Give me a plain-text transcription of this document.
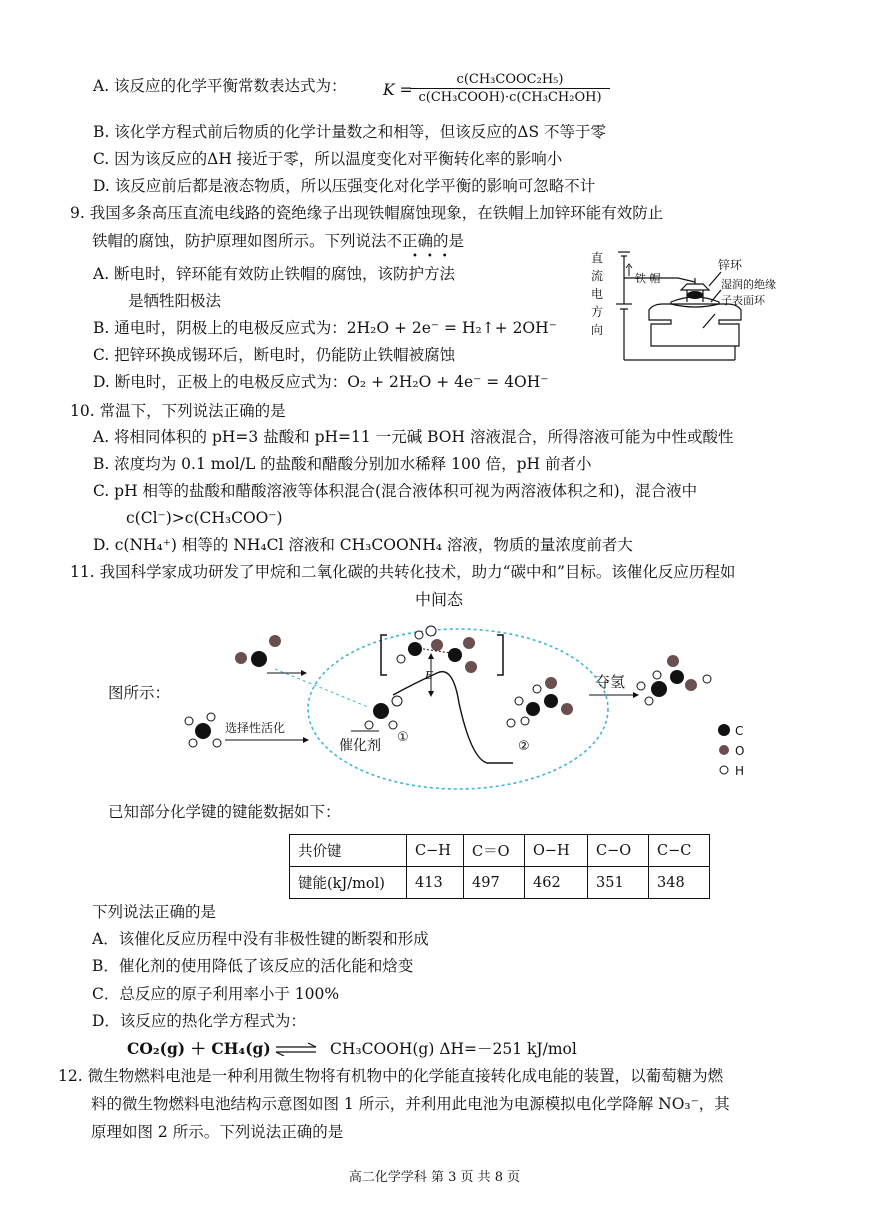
A. 该反应的化学平衡常数表达式为： K =
c(CH₃COOC₂H₅)
c(CH₃COOH)·c(CH₃CH₂OH)
B. 该化学方程式前后物质的化学计量数之和相等，但该反应的ΔS 不等于零
C. 因为该反应的ΔH 接近于零，所以温度变化对平衡转化率的影响小
D. 该反应前后都是液态物质，所以压强变化对化学平衡的影响可忽略不计
9. 我国多条高压直流电线路的瓷绝缘子出现铁帽腐蚀现象，在铁帽上加锌环能有效防止
铁帽的腐蚀，防护原理如图所示。下列说法不正确的是
•••
A. 断电时，锌环能有效防止铁帽的腐蚀，该防护方法
是牺牲阳极法
B. 通电时，阴极上的电极反应式为：2H₂O + 2e⁻ = H₂↑+ 2OH⁻
C. 把锌环换成锡环后，断电时，仍能防止铁帽被腐蚀
D. 断电时，正极上的电极反应式为：O₂ + 2H₂O + 4e⁻ = 4OH⁻
直
流
电
方
向
铁 帽
锌环
湿润的绝缘
子表面环
10. 常温下，下列说法正确的是
A. 将相同体积的 pH=3 盐酸和 pH=11 一元碱 BOH 溶液混合，所得溶液可能为中性或酸性
B. 浓度均为 0.1 mol/L 的盐酸和醋酸分别加水稀释 100 倍，pH 前者小
C. pH 相等的盐酸和醋酸溶液等体积混合(混合液体积可视为两溶液体积之和)，混合液中
c(Cl⁻)>c(CH₃COO⁻)
D. c(NH₄⁺) 相等的 NH₄Cl 溶液和 CH₃COONH₄ 溶液，物质的量浓度前者大
11. 我国科学家成功研发了甲烷和二氧化碳的共转化技术，助力“碳中和”目标。该催化反应历程如
图所示：
中间态
选择性活化
催化剂
①
E
②
夺氢
C
O
H
已知部分化学键的键能数据如下：
共价键	C−H	C＝O	O−H	C−O	C−C
键能(kJ/mol)	413	497	462	351	348
下列说法正确的是
A．该催化反应历程中没有非极性键的断裂和形成
B．催化剂的使用降低了该反应的活化能和焓变
C．总反应的原子利用率小于 100%
D．该反应的热化学方程式为：
CO₂(g) ＋ CH₄(g) ⇌ CH₃COOH(g) ΔH=－251 kJ/mol
12. 微生物燃料电池是一种利用微生物将有机物中的化学能直接转化成电能的装置，以葡萄糖为燃
料的微生物燃料电池结构示意图如图 1 所示，并利用此电池为电源模拟电化学降解 NO₃⁻，其
原理如图 2 所示。下列说法正确的是
高二化学学科 第 3 页 共 8 页
